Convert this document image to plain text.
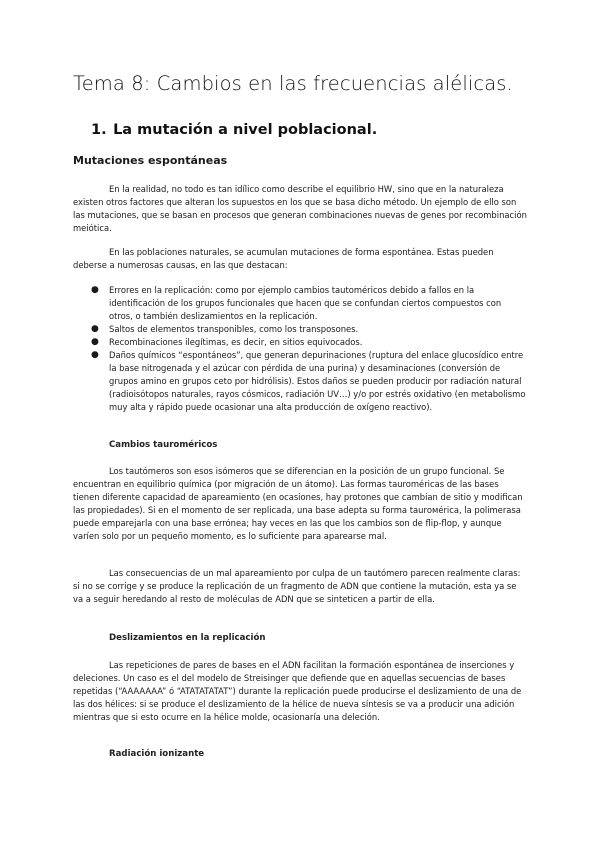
Tema 8: Cambios en las frecuencias alélicas.
1. La mutación a nivel poblacional.
Mutaciones espontáneas

En la realidad, no todo es tan idílico como describe el equilibrio HW, sino que en la naturaleza existen otros factores que alteran los supuestos en los que se basa dicho método. Un ejemplo de ello son las mutaciones, que se basan en procesos que generan combinaciones nuevas de genes por recombinación meiótica.

En las poblaciones naturales, se acumulan mutaciones de forma espontánea. Estas pueden deberse a numerosas causas, en las que destacan:

● Errores en la replicación: como por ejemplo cambios tautoméricos debido a fallos en la identificación de los grupos funcionales que hacen que se confundan ciertos compuestos con otros, o también deslizamientos en la replicación.
● Saltos de elementos transponibles, como los transposones.
● Recombinaciones ilegítimas, es decir, en sitios equivocados.
● Daños químicos “espontáneos”, que generan depurinaciones (ruptura del enlace glucosídico entre la base nitrogenada y el azúcar con pérdida de una purina) y desaminaciones (conversión de grupos amino en grupos ceto por hidrólisis). Estos daños se pueden producir por radiación natural (radioisótopos naturales, rayos cósmicos, radiación UV…) y/o por estrés oxidativo (en metabolismo muy alta y rápido puede ocasionar una alta producción de oxígeno reactivo).
Cambios tauroméricos

Los tautómeros son esos isómeros que se diferencian en la posición de un grupo funcional. Se encuentran en equilibrio química (por migración de un átomo). Las formas tauroméricas de las bases tienen diferente capacidad de apareamiento (en ocasiones, hay protones que cambian de sitio y modifican las propiedades). Si en el momento de ser replicada, una base adepta su forma taurомérica, la polimerasa puede emparejarla con una base errónea; hay veces en las que los cambios son de flip-flop, y aunque varíen solo por un pequeño momento, es lo suficiente para aparearse mal.

Las consecuencias de un mal apareamiento por culpa de un tautómero parecen realmente claras: si no se corrige y se produce la replicación de un fragmento de ADN que contiene la mutación, esta ya se va a seguir heredando al resto de moléculas de ADN que se sinteticen a partir de ella.

Deslizamientos en la replicación

Las repeticiones de pares de bases en el ADN facilitan la formación espontánea de inserciones y deleciones. Un caso es el del modelo de Streisinger que defiende que en aquellas secuencias de bases repetidas (“AAAAAAA” ó “ATATATATAT”) durante la replicación puede producirse el deslizamiento de una de las dos hélices: si se produce el deslizamiento de la hélice de nueva síntesis se va a producir una adición mientras que si esto ocurre en la hélice molde, ocasionaría una deleción.

Radiación ionizante
